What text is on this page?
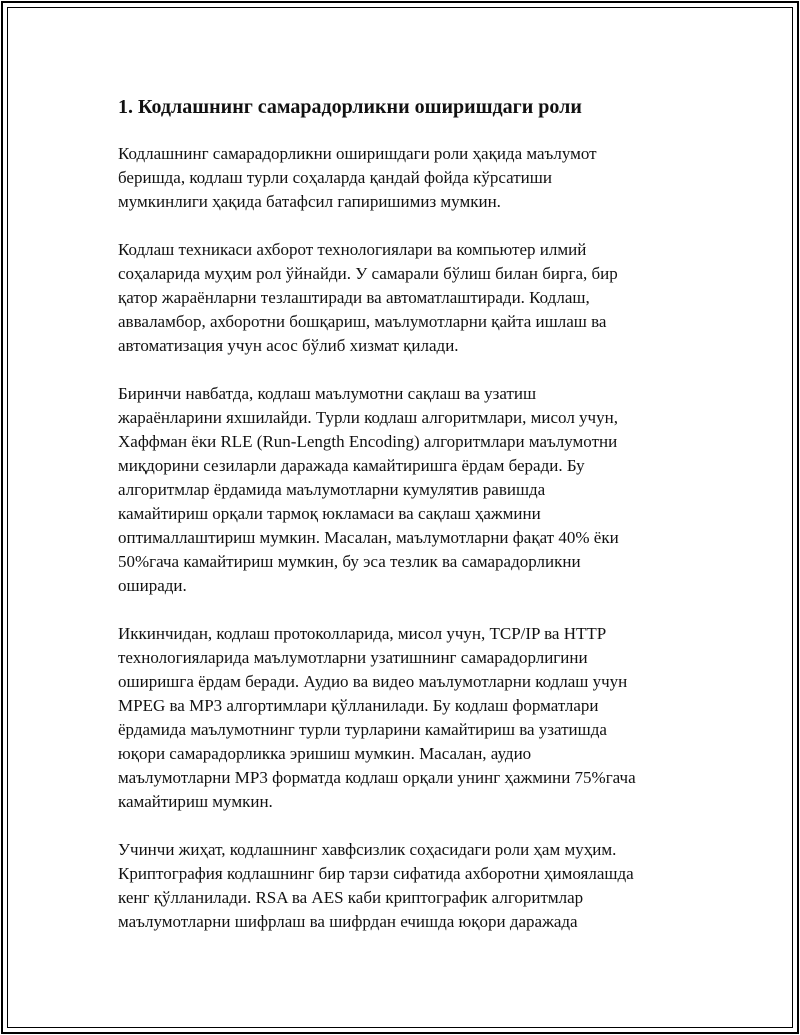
1. Кодлашнинг самарадорликни оширишдаги роли

Кодлашнинг самарадорликни оширишдаги роли ҳақида маълумот
беришда, кодлаш турли соҳаларда қандай фойда кўрсатиши
мумкинлиги ҳақида батафсил гапиришимиз мумкин.

Кодлаш техникаси ахборот технологиялари ва компьютер илмий
соҳаларида муҳим рол ўйнайди. У самарали бўлиш билан бирга, бир
қатор жараёнларни тезлаштиради ва автоматлаштиради. Кодлаш,
авваламбор, ахборотни бошқариш, маълумотларни қайта ишлаш ва
автоматизация учун асос бўлиб хизмат қилади.

Биринчи навбатда, кодлаш маълумотни сақлаш ва узатиш
жараёнларини яхшилайди. Турли кодлаш алгоритмлари, мисол учун,
Хаффман ёки RLE (Run-Length Encoding) алгоритмлари маълумотни
миқдорини сезиларли даражада камайтиришга ёрдам беради. Бу
алгоритмлар ёрдамида маълумотларни кумулятив равишда
камайтириш орқали тармоқ юкламаси ва сақлаш ҳажмини
оптималлаштириш мумкин. Масалан, маълумотларни фақат 40% ёки
50%гача камайтириш мумкин, бу эса тезлик ва самарадорликни
оширади.

Иккинчидан, кодлаш протоколларида, мисол учун, TCP/IP ва HTTP
технологияларида маълумотларни узатишнинг самарадорлигини
оширишга ёрдам беради. Аудио ва видео маълумотларни кодлаш учун
MPEG ва MP3 алгортимлари қўлланилади. Бу кодлаш форматлари
ёрдамида маълумотнинг турли турларини камайтириш ва узатишда
юқори самарадорликка эришиш мумкин. Масалан, аудио
маълумотларни MP3 форматда кодлаш орқали унинг ҳажмини 75%гача
камайтириш мумкин.

Учинчи жиҳат, кодлашнинг хавфсизлик соҳасидаги роли ҳам муҳим.
Криптография кодлашнинг бир тарзи сифатида ахборотни ҳимоялашда
кенг қўлланилади. RSA ва AES каби криптографик алгоритмлар
маълумотларни шифрлаш ва шифрдан ечишда юқори даражада
